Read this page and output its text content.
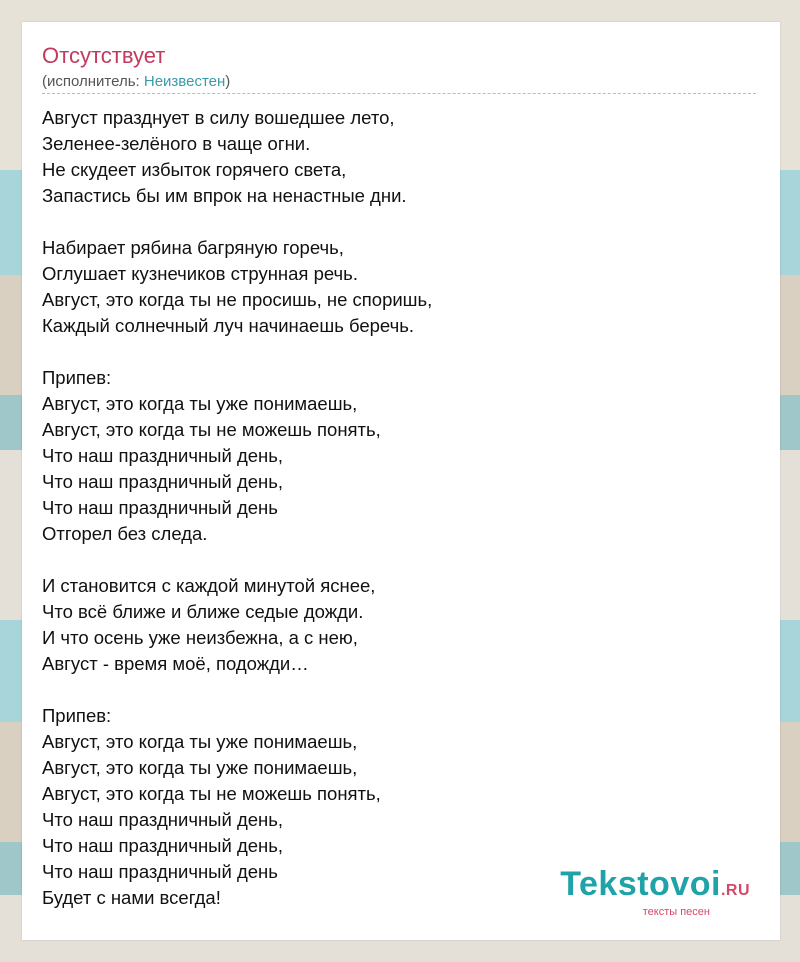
Отсутствует
(исполнитель: Неизвестен)
Август празднует в силу вошедшее лето,
Зеленее-зелёного в чаще огни.
Не скудеет избыток горячего света,
Запастись бы им впрок на ненастные дни.
Набирает рябина багряную горечь,
Оглушает кузнечиков струнная речь.
Август, это когда ты не просишь, не споришь,
Каждый солнечный луч начинаешь беречь.
Припев:
Август, это когда ты уже понимаешь,
Август, это когда ты не можешь понять,
Что наш праздничный день,
Что наш праздничный день,
Что наш праздничный день
Отгорел без следа.
И становится с каждой минутой яснее,
Что всё ближе и ближе седые дожди.
И что осень уже неизбежна, а с нею,
Август - время моё, подожди…
Припев:
Август, это когда ты уже понимаешь,
Август, это когда ты уже понимаешь,
Август, это когда ты не можешь понять,
Что наш праздничный день,
Что наш праздничный день,
Что наш праздничный день
Будет с нами всегда!	Tekstovoi.RU
тексты песен
